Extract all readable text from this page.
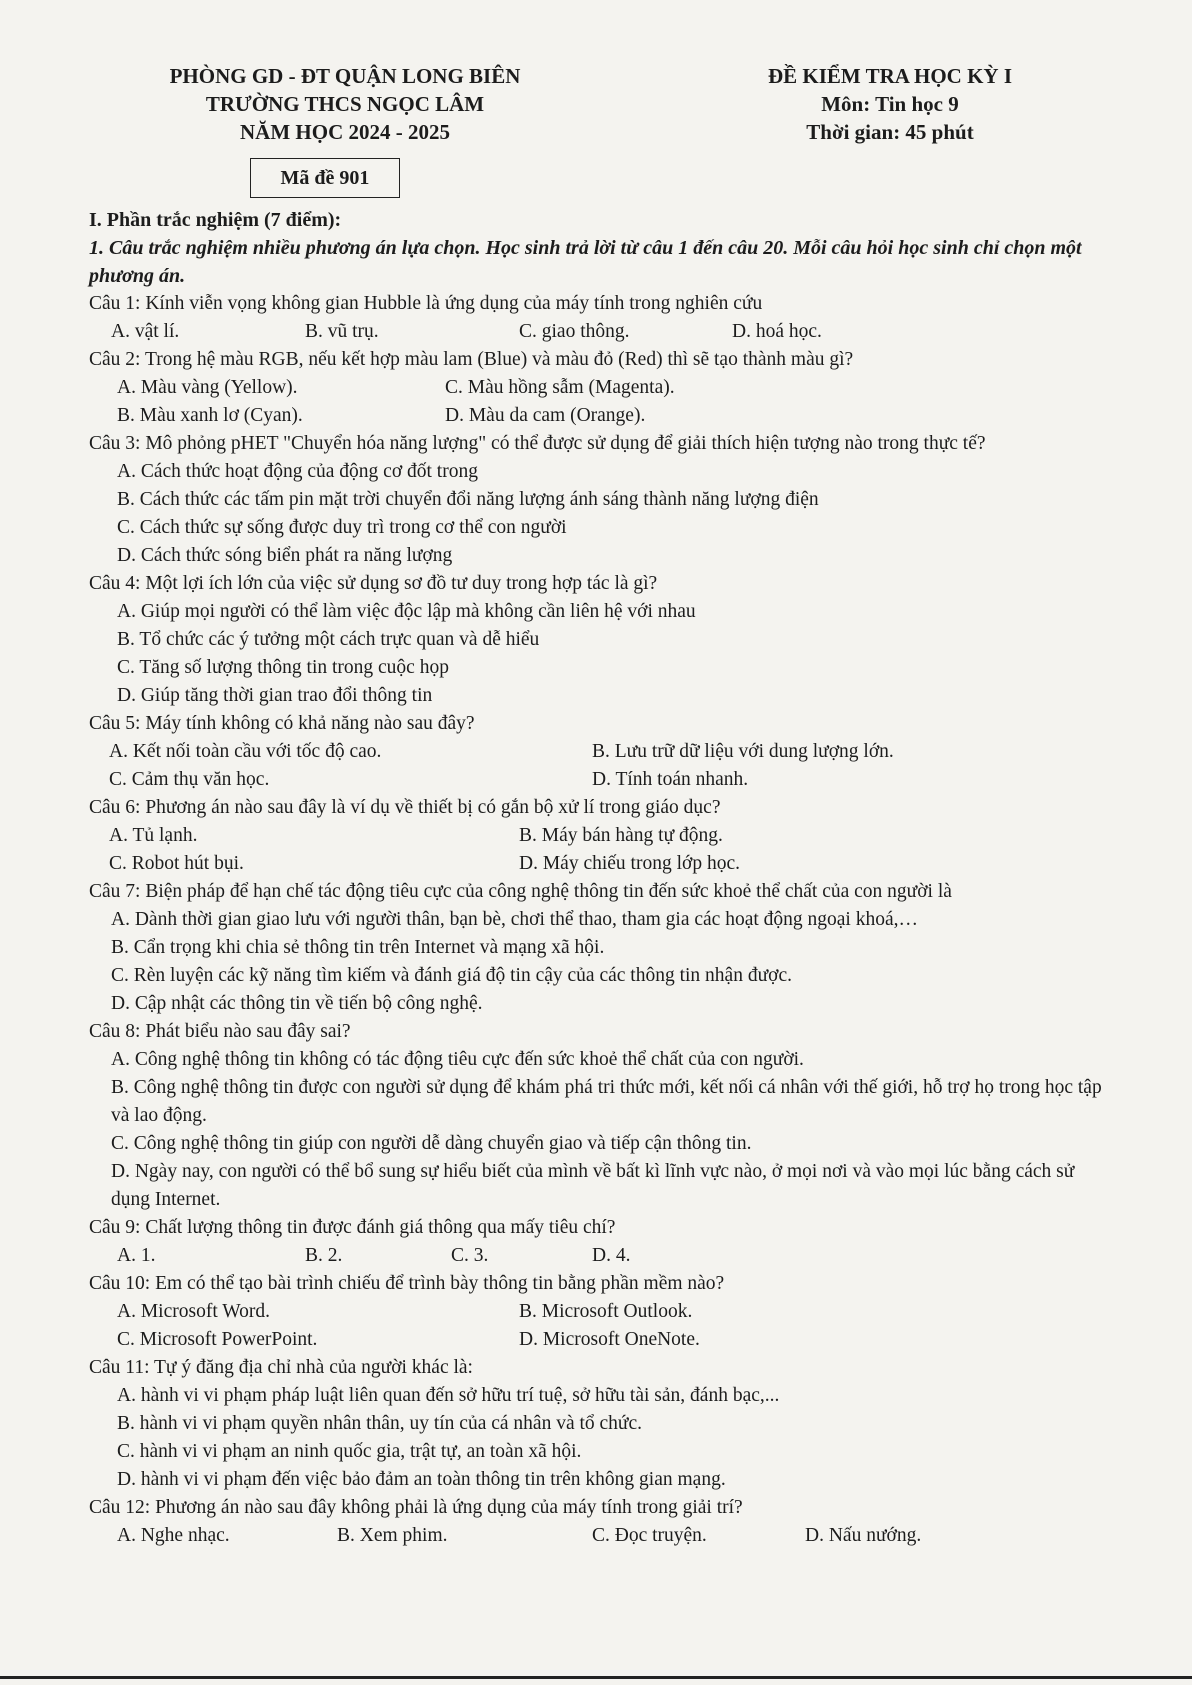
PHÒNG GD - ĐT QUẬN LONG BIÊN
TRƯỜNG THCS NGỌC LÂM
NĂM HỌC 2024 - 2025
ĐỀ KIỂM TRA HỌC KỲ I
Môn: Tin học 9
Thời gian: 45 phút
Mã đề 901
I. Phần trắc nghiệm (7 điểm):
1. Câu trắc nghiệm nhiều phương án lựa chọn. Học sinh trả lời từ câu 1 đến câu 20. Mỗi câu hỏi học sinh chỉ chọn một phương án.
Câu 1: Kính viễn vọng không gian Hubble là ứng dụng của máy tính trong nghiên cứu
A. vật lí.	B. vũ trụ.	C. giao thông.	D. hoá học.
Câu 2: Trong hệ màu RGB, nếu kết hợp màu lam (Blue) và màu đỏ (Red) thì sẽ tạo thành màu gì?
A. Màu vàng (Yellow).	C. Màu hồng sẫm (Magenta).
B. Màu xanh lơ (Cyan).	D. Màu da cam (Orange).
Câu 3: Mô phỏng pHET "Chuyển hóa năng lượng" có thể được sử dụng để giải thích hiện tượng nào trong thực tế?
A. Cách thức hoạt động của động cơ đốt trong
B. Cách thức các tấm pin mặt trời chuyển đổi năng lượng ánh sáng thành năng lượng điện
C. Cách thức sự sống được duy trì trong cơ thể con người
D. Cách thức sóng biển phát ra năng lượng
Câu 4: Một lợi ích lớn của việc sử dụng sơ đồ tư duy trong hợp tác là gì?
A. Giúp mọi người có thể làm việc độc lập mà không cần liên hệ với nhau
B. Tổ chức các ý tưởng một cách trực quan và dễ hiểu
C. Tăng số lượng thông tin trong cuộc họp
D. Giúp tăng thời gian trao đổi thông tin
Câu 5: Máy tính không có khả năng nào sau đây?
A. Kết nối toàn cầu với tốc độ cao.	B. Lưu trữ dữ liệu với dung lượng lớn.
C. Cảm thụ văn học.	D. Tính toán nhanh.
Câu 6: Phương án nào sau đây là ví dụ về thiết bị có gắn bộ xử lí trong giáo dục?
A. Tủ lạnh.	B. Máy bán hàng tự động.
C. Robot hút bụi.	D. Máy chiếu trong lớp học.
Câu 7: Biện pháp để hạn chế tác động tiêu cực của công nghệ thông tin đến sức khoẻ thể chất của con người là
A. Dành thời gian giao lưu với người thân, bạn bè, chơi thể thao, tham gia các hoạt động ngoại khoá,…
B. Cẩn trọng khi chia sẻ thông tin trên Internet và mạng xã hội.
C. Rèn luyện các kỹ năng tìm kiếm và đánh giá độ tin cậy của các thông tin nhận được.
D. Cập nhật các thông tin về tiến bộ công nghệ.
Câu 8: Phát biểu nào sau đây sai?
A. Công nghệ thông tin không có tác động tiêu cực đến sức khoẻ thể chất của con người.
B. Công nghệ thông tin được con người sử dụng để khám phá tri thức mới, kết nối cá nhân với thế giới, hỗ trợ họ trong học tập và lao động.
C. Công nghệ thông tin giúp con người dễ dàng chuyển giao và tiếp cận thông tin.
D. Ngày nay, con người có thể bổ sung sự hiểu biết của mình về bất kì lĩnh vực nào, ở mọi nơi và vào mọi lúc bằng cách sử dụng Internet.
Câu 9: Chất lượng thông tin được đánh giá thông qua mấy tiêu chí?
A. 1.	B. 2.	C. 3.	D. 4.
Câu 10: Em có thể tạo bài trình chiếu để trình bày thông tin bằng phần mềm nào?
A. Microsoft Word.	B. Microsoft Outlook.
C. Microsoft PowerPoint.	D. Microsoft OneNote.
Câu 11: Tự ý đăng địa chỉ nhà của người khác là:
A. hành vi vi phạm pháp luật liên quan đến sở hữu trí tuệ, sở hữu tài sản, đánh bạc,...
B. hành vi vi phạm quyền nhân thân, uy tín của cá nhân và tổ chức.
C. hành vi vi phạm an ninh quốc gia, trật tự, an toàn xã hội.
D. hành vi vi phạm đến việc bảo đảm an toàn thông tin trên không gian mạng.
Câu 12: Phương án nào sau đây không phải là ứng dụng của máy tính trong giải trí?
A. Nghe nhạc.	B. Xem phim.	C. Đọc truyện.	D. Nấu nướng.
